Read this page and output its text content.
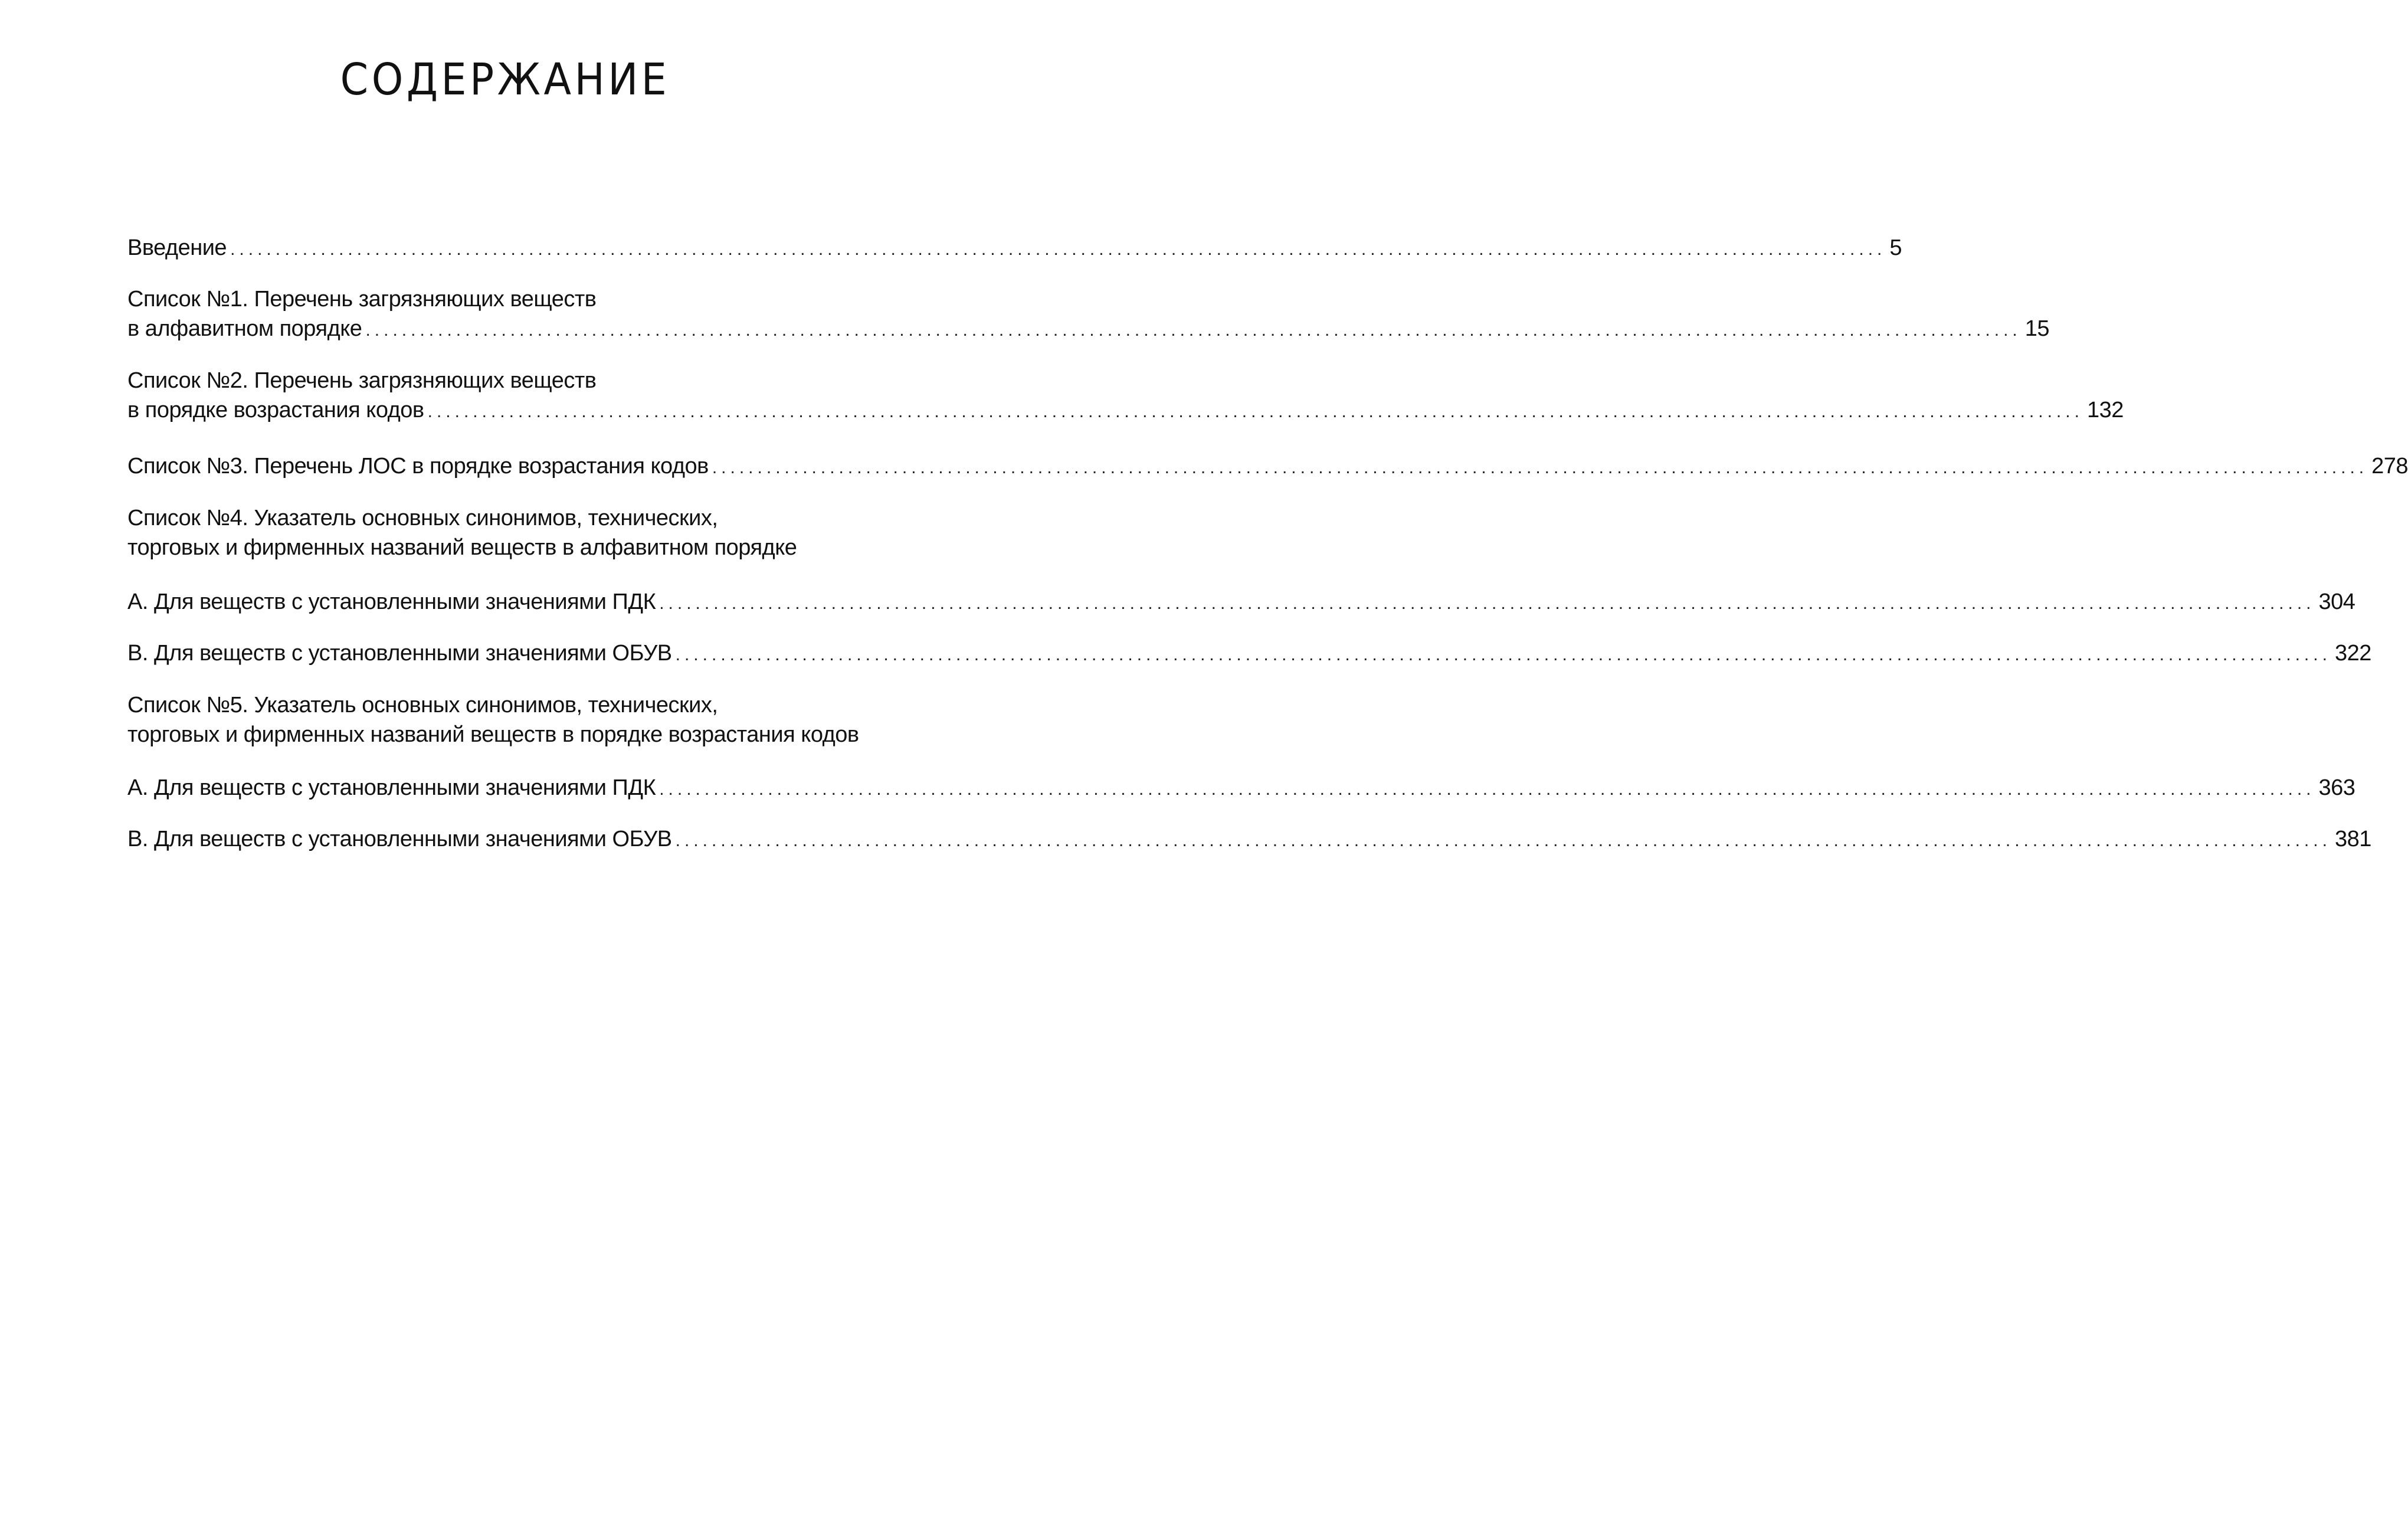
СОДЕРЖАНИЕ
Введение ....................................................................................................................................................................................... 5
Список №1. Перечень загрязняющих веществ
в алфавитном порядке ....................................................................................................................................................................................... 15
Список №2. Перечень загрязняющих веществ
в порядке возрастания кодов ....................................................................................................................................................................................... 132
Список №3. Перечень ЛОС в порядке возрастания кодов ....................................................................................................................................................................................... 278
Список №4. Указатель основных синонимов, технических,
торговых и фирменных названий веществ в алфавитном порядке
А. Для веществ с установленными значениями ПДК ....................................................................................................................................................................................... 304
В. Для веществ с установленными значениями ОБУВ ....................................................................................................................................................................................... 322
Список №5. Указатель основных синонимов, технических,
торговых и фирменных названий веществ в порядке возрастания кодов
А. Для веществ с установленными значениями ПДК ....................................................................................................................................................................................... 363
В. Для веществ с установленными значениями ОБУВ ....................................................................................................................................................................................... 381
